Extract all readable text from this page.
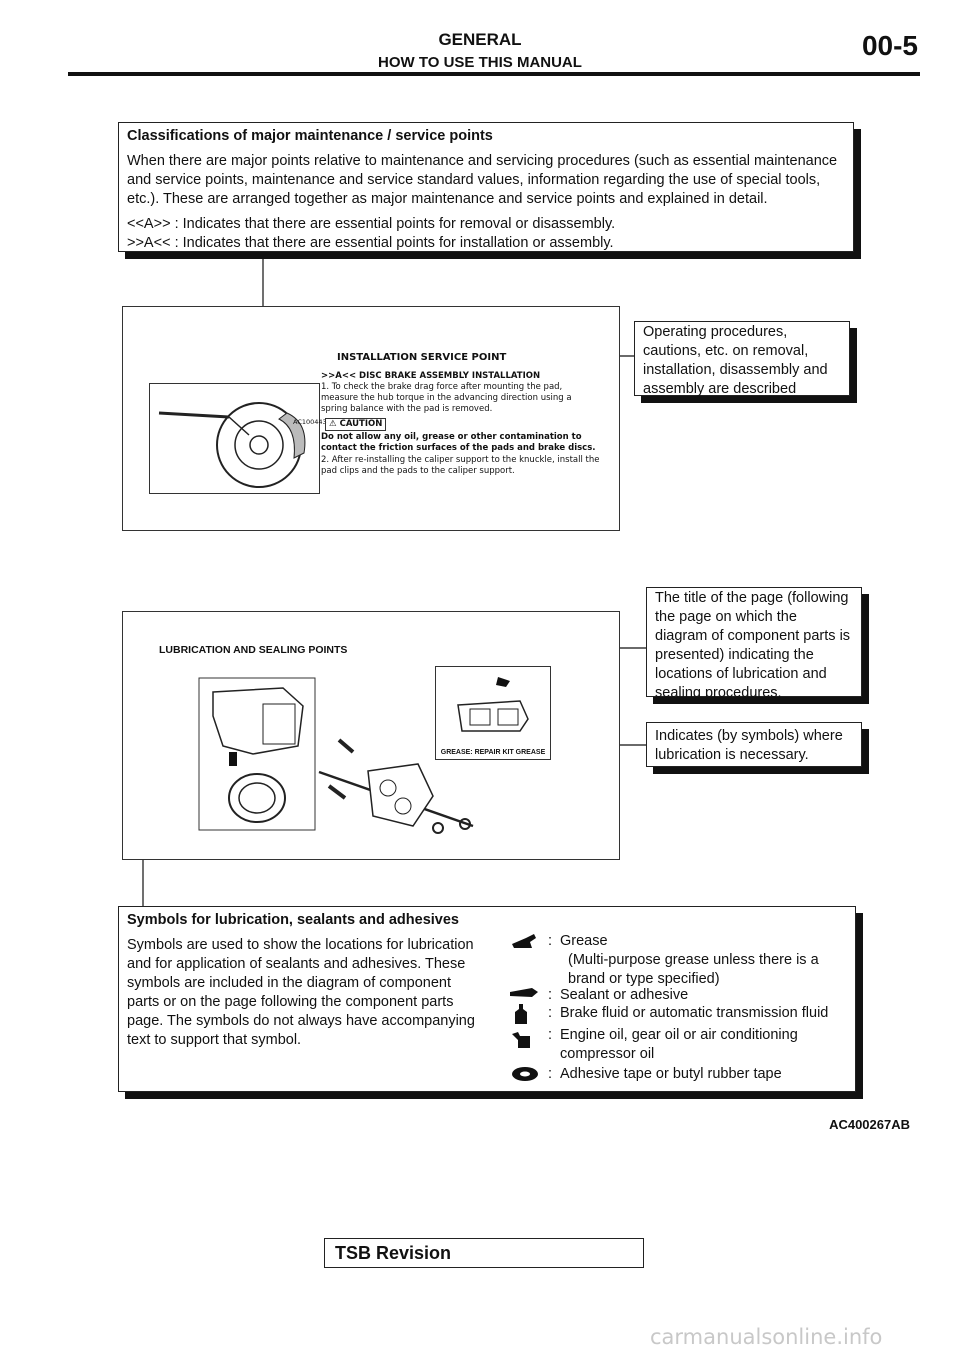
GENERAL
HOW TO USE THIS MANUAL
00-5

Classifications of major maintenance / service points

When there are major points relative to maintenance and servicing procedures (such as essential maintenance and service points, maintenance and service standard values, information regarding the use of special tools, etc.). These are arranged together as major maintenance and service points and explained in detail.

<<A>> : Indicates that there are essential points for removal or disassembly.

>>A<< : Indicates that there are essential points for installation or assembly.

AC100443
INSTALLATION SERVICE POINT
>>A<< DISC BRAKE ASSEMBLY INSTALLATION
1. To check the brake drag force after mounting the pad, measure the hub torque in the advancing direction using a spring balance with the pad is removed.
⚠ CAUTION
Do not allow any oil, grease or other contamination to contact the friction surfaces of the pads and brake discs.
2. After re-installing the caliper support to the knuckle, install the pad clips and the pads to the caliper support.

Operating procedures, cautions, etc. on removal, installation, disassembly and assembly are described

LUBRICATION AND SEALING POINTS
GREASE: REPAIR KIT GREASE

The title of the page (following the page on which the diagram of component parts is presented) indicating the locations of lubrication and sealing procedures.

Indicates (by symbols) where lubrication is necessary.

Symbols for lubrication, sealants and adhesives

Symbols are used to show the locations for lubrication and for application of sealants and adhesives. These symbols are included in the diagram of component parts or on the page following the component parts page. The symbols do not always have accompanying text to support that symbol.

: Grease
(Multi-purpose grease unless there is a brand or type specified)
: Sealant or adhesive
: Brake fluid or automatic transmission fluid
: Engine oil, gear oil or air conditioning
compressor oil
: Adhesive tape or butyl rubber tape
AC400267AB
TSB Revision
carmanualsonline.info
